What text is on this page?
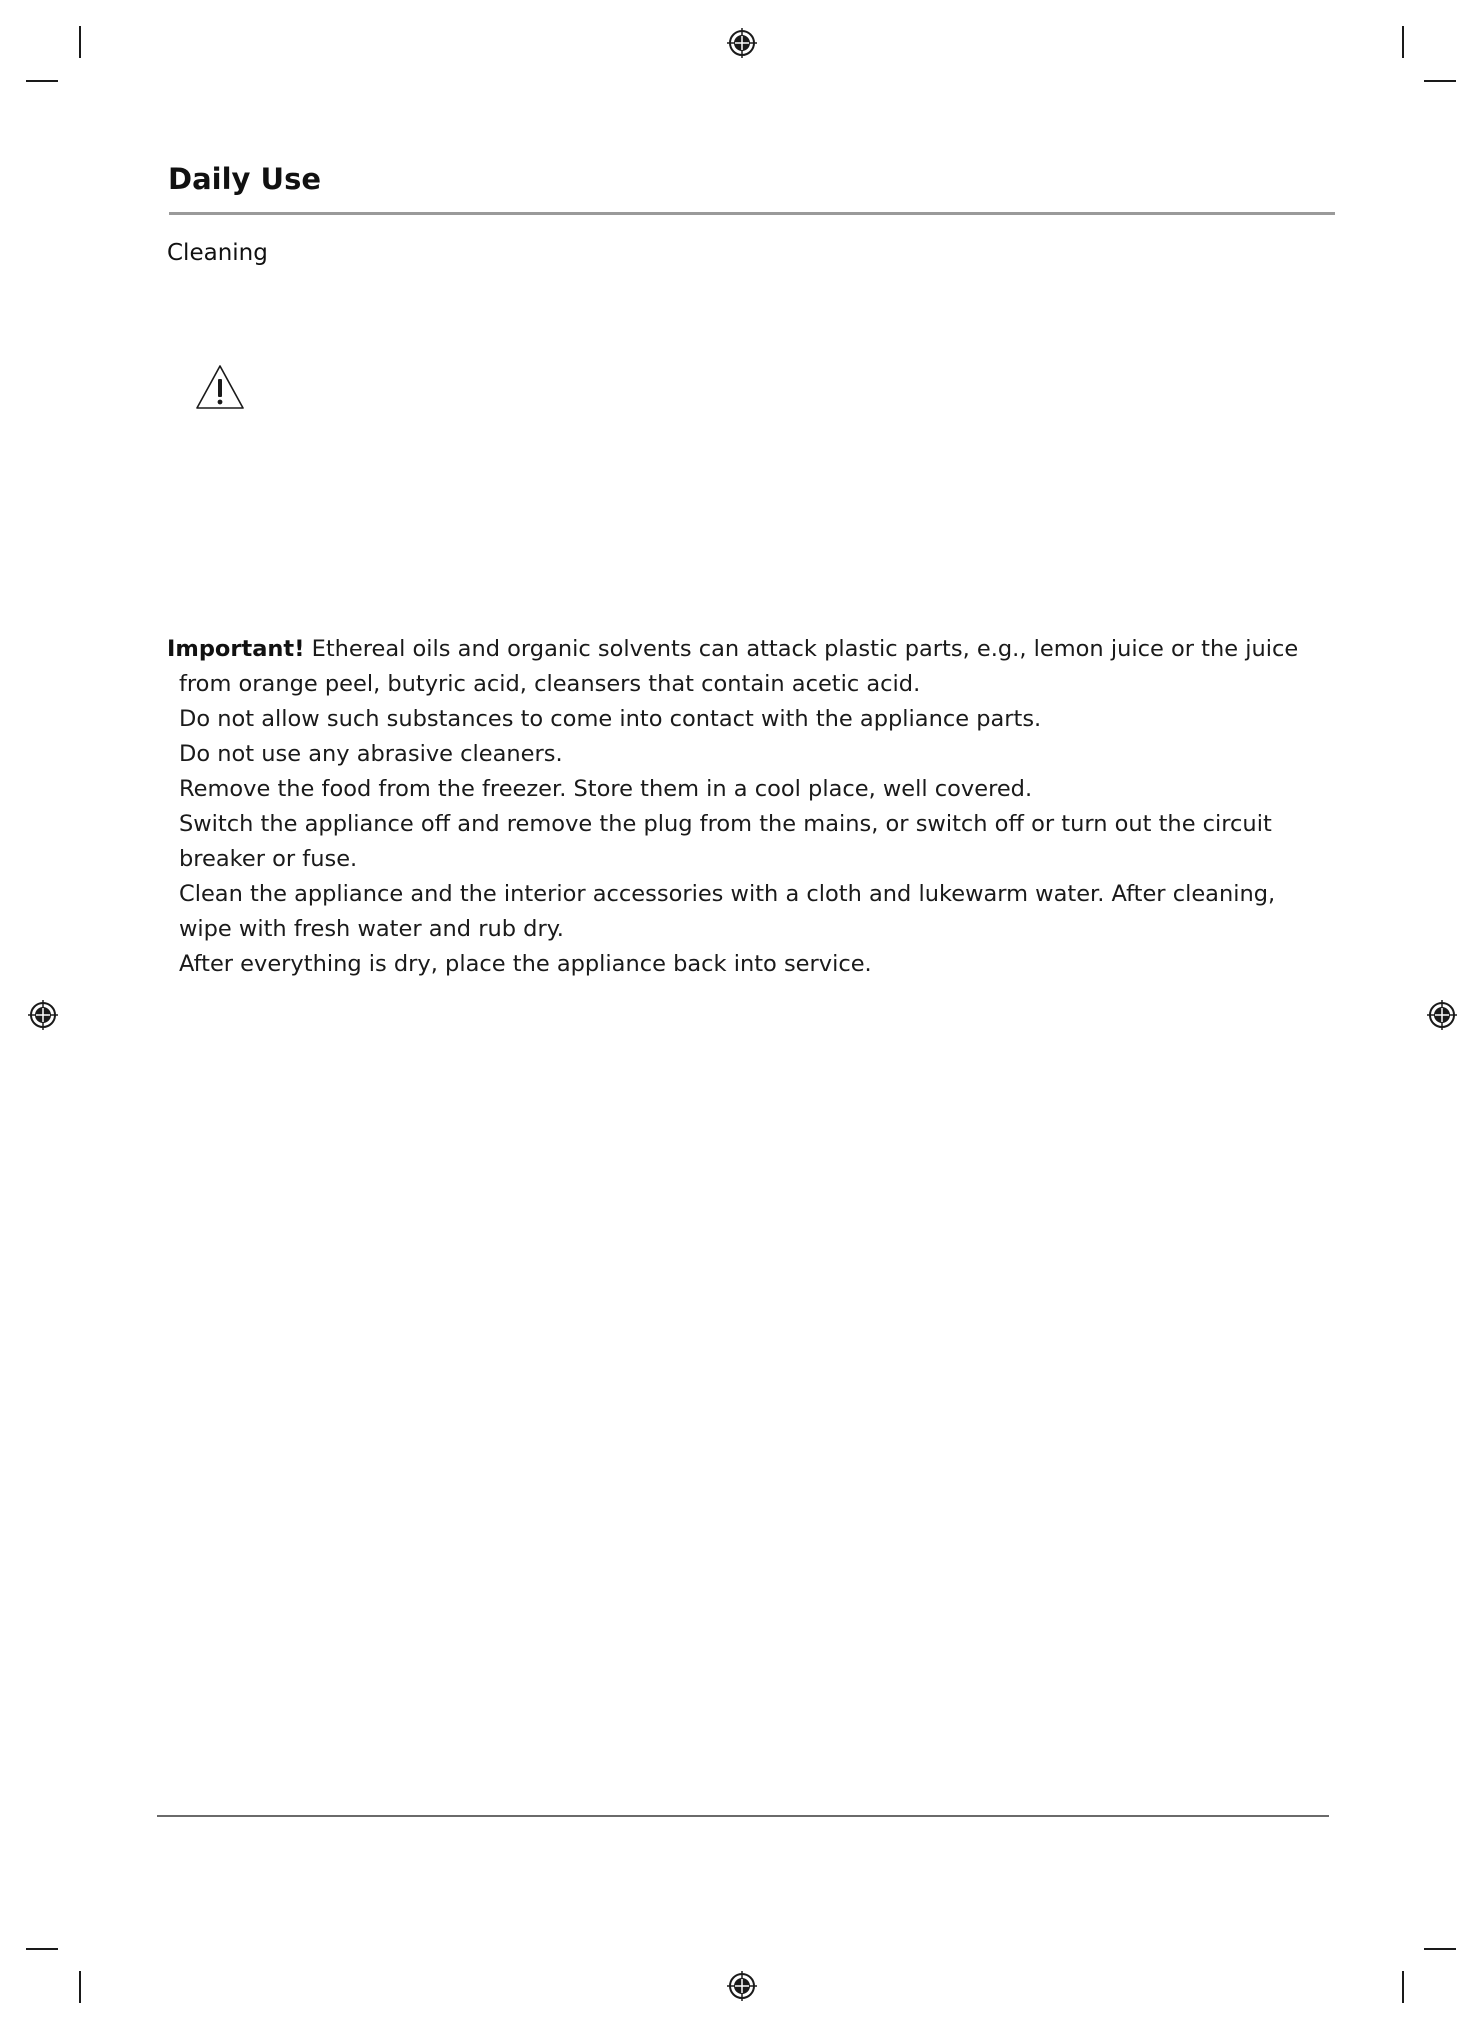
Daily Use
Cleaning
Important! Ethereal oils and organic solvents can attack plastic parts, e.g., lemon juice or the juice
from orange peel, butyric acid, cleansers that contain acetic acid.
Do not allow such substances to come into contact with the appliance parts.
Do not use any abrasive cleaners.
Remove the food from the freezer. Store them in a cool place, well covered.
Switch the appliance off and remove the plug from the mains, or switch off or turn out the circuit
breaker or fuse.
Clean the appliance and the interior accessories with a cloth and lukewarm water. After cleaning,
wipe with fresh water and rub dry.
After everything is dry, place the appliance back into service.
